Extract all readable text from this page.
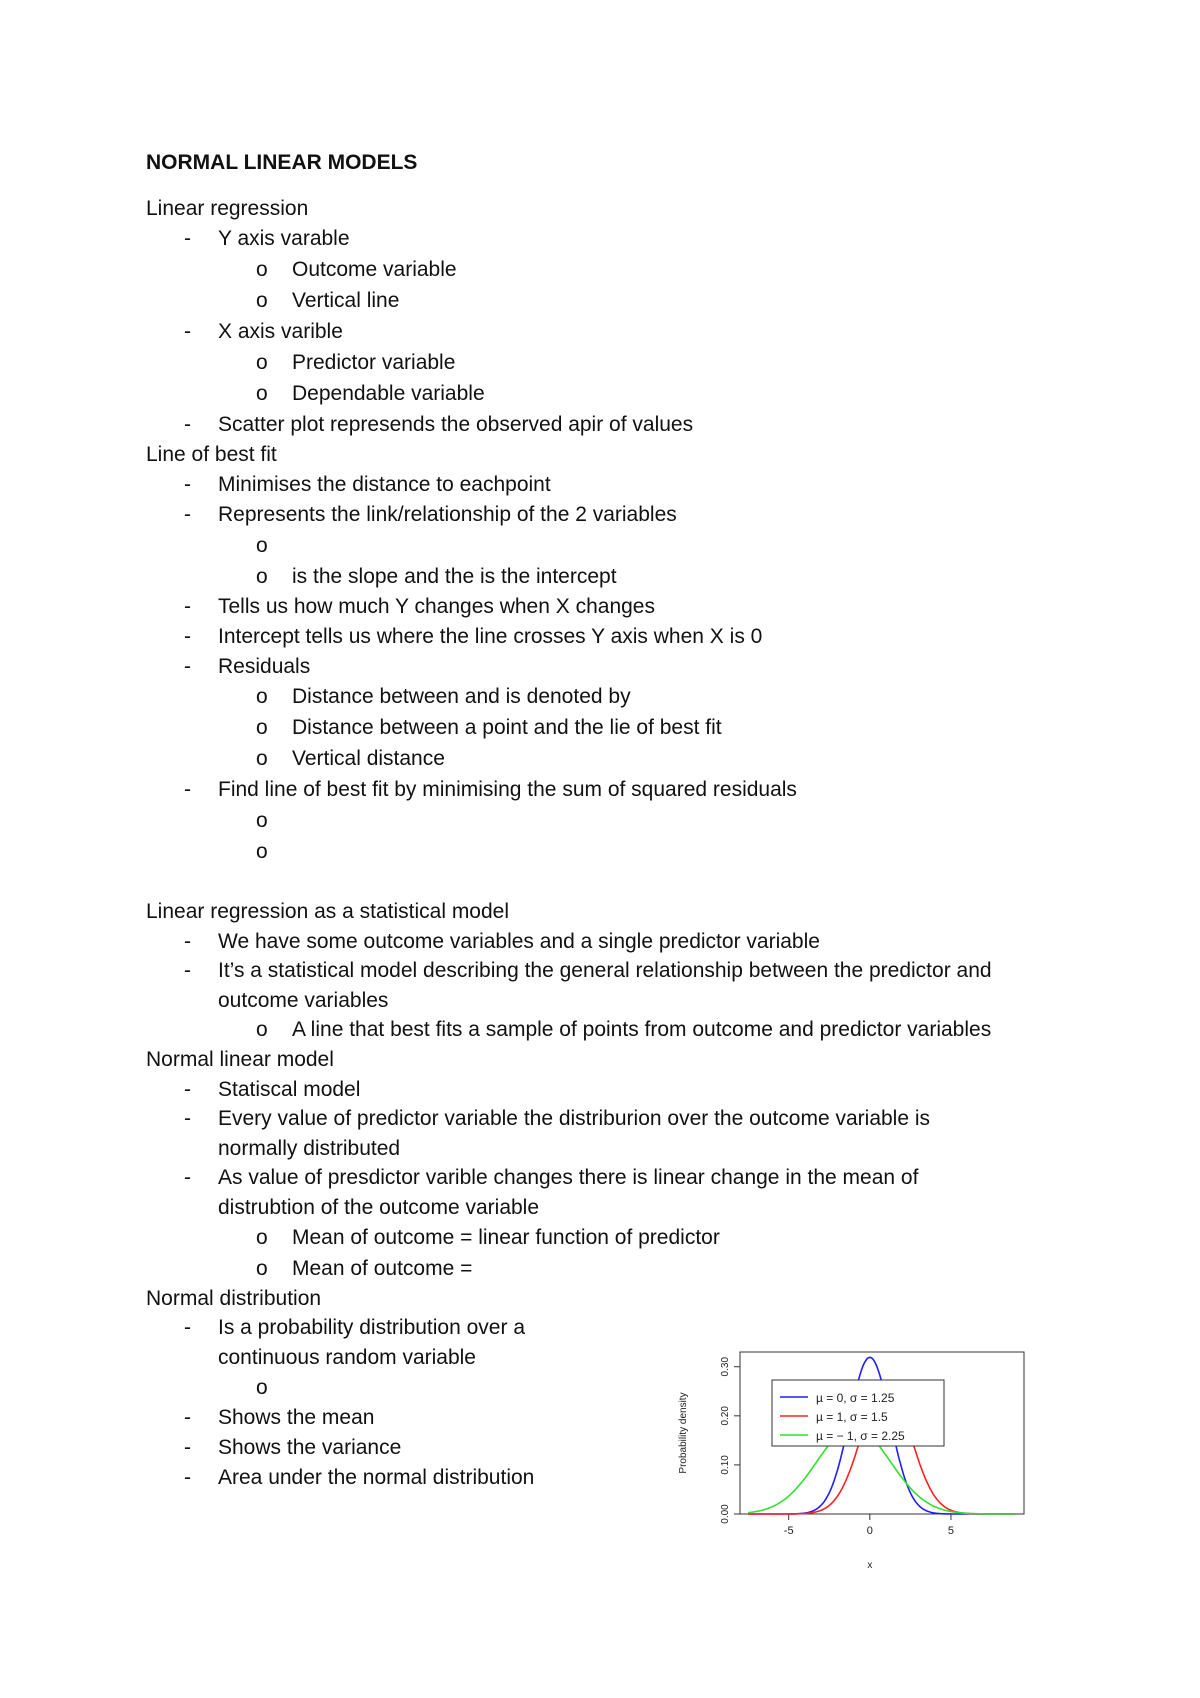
NORMAL LINEAR MODELS
Linear regression
- Y axis varable
o Outcome variable
o Vertical line
- X axis varible
o Predictor variable
o Dependable variable
- Scatter plot represends the observed apir of values
Line of best fit
- Minimises the distance to eachpoint
- Represents the link/relationship of the 2 variables
o
o is the slope and the is the intercept
- Tells us how much Y changes when X changes
- Intercept tells us where the line crosses Y axis when X is 0
- Residuals
o Distance between and is denoted by
o Distance between a point and the lie of best fit
o Vertical distance
- Find line of best fit by minimising the sum of squared residuals
o
o
Linear regression as a statistical model
- We have some outcome variables and a single predictor variable
- It’s a statistical model describing the general relationship between the predictor and
outcome variables
o A line that best fits a sample of points from outcome and predictor variables
Normal linear model
- Statiscal model
- Every value of predictor variable the distriburion over the outcome variable is
normally distributed
- As value of presdictor varible changes there is linear change in the mean of
distrubtion of the outcome variable
o Mean of outcome = linear function of predictor
o Mean of outcome =
Normal distribution
- Is a probability distribution over a
continuous random variable
o
- Shows the mean
- Shows the variance
- Area under the normal distribution
-5	0	5
0.00
0.10
0.20
0.30
x
Probability density	µ = 0, σ = 1.25
µ = 1, σ = 1.5
µ = − 1, σ = 2.25
